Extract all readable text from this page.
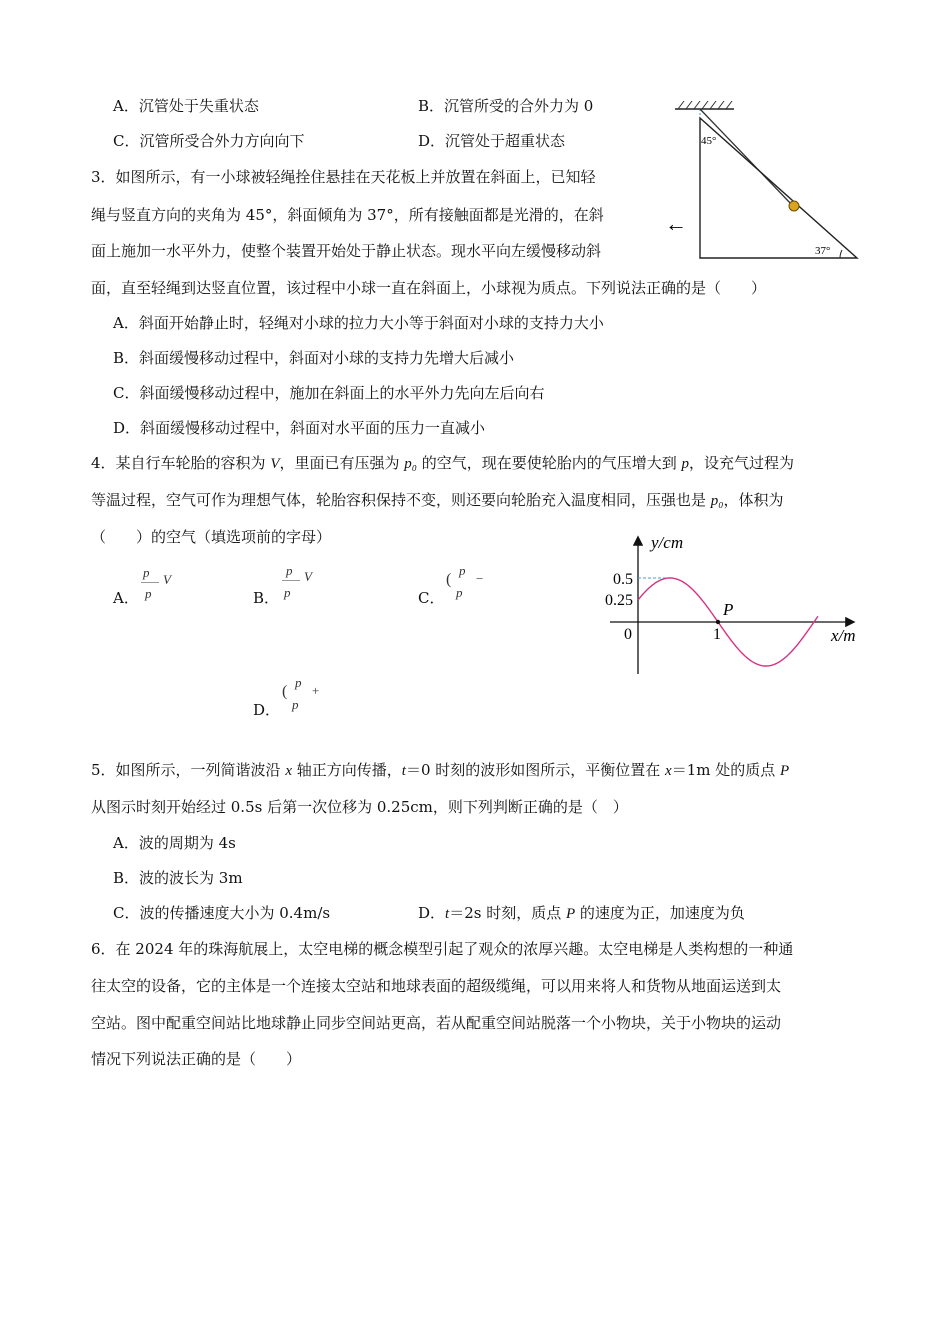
A．沉管处于失重状态	B．沉管所受的合外力为 0
C．沉管所受合外力方向向下	D．沉管处于超重状态	45°
37°
←
3．如图所示，有一小球被轻绳拴住悬挂在天花板上并放置在斜面上，已知轻
绳与竖直方向的夹角为 45°，斜面倾角为 37°，所有接触面都是光滑的，在斜
面上施加一水平外力，使整个装置开始处于静止状态。现水平向左缓慢移动斜
面，直至轻绳到达竖直位置，该过程中小球一直在斜面上，小球视为质点。下列说法正确的是（　　）
A．斜面开始静止时，轻绳对小球的拉力大小等于斜面对小球的支持力大小
B．斜面缓慢移动过程中，斜面对小球的支持力先增大后减小
C．斜面缓慢移动过程中，施加在斜面上的水平外力先向左后向右
D．斜面缓慢移动过程中，斜面对水平面的压力一直减小
4．某自行车轮胎的容积为 V，里面已有压强为 p₀ 的空气，现在要使轮胎内的气压增大到 p，设充气过程为
等温过程，空气可作为理想气体，轮胎容积保持不变，则还要向轮胎充入温度相同，压强也是 p₀，体积为
（　　）的空气（填选项前的字母）
A．
p
p
V
B．
p
p
V
C．
(
p
p
−
D．
(
p
p
+
y/cm
x/m
0.5
0.25
0	1
P
5．如图所示，一列简谐波沿 x 轴正方向传播，t＝0 时刻的波形如图所示，平衡位置在 x＝1m 处的质点 P
从图示时刻开始经过 0.5s 后第一次位移为 0.25cm，则下列判断正确的是（　）
A．波的周期为 4s
B．波的波长为 3m
C．波的传播速度大小为 0.4m/s	D．t＝2s 时刻，质点 P 的速度为正，加速度为负
6．在 2024 年的珠海航展上，太空电梯的概念模型引起了观众的浓厚兴趣。太空电梯是人类构想的一种通
往太空的设备，它的主体是一个连接太空站和地球表面的超级缆绳，可以用来将人和货物从地面运送到太
空站。图中配重空间站比地球静止同步空间站更高，若从配重空间站脱落一个小物块，关于小物块的运动
情况下列说法正确的是（　　）
